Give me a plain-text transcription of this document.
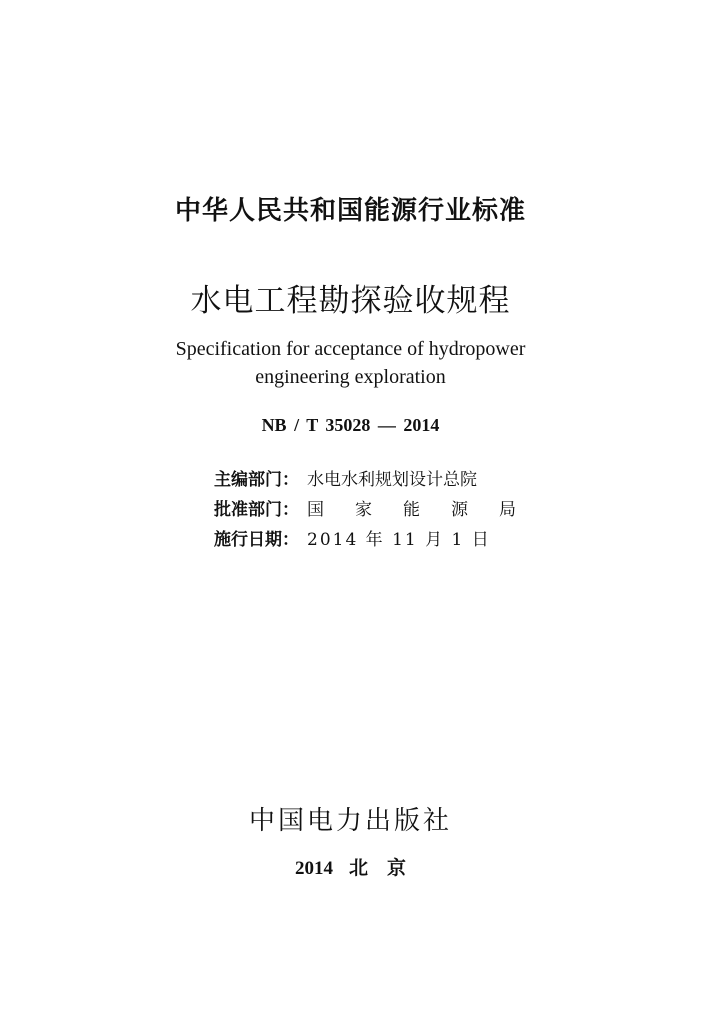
中华人民共和国能源行业标准
水电工程勘探验收规程
Specification for acceptance of hydropower
engineering exploration
NB / T 35028 — 2014
主编部门： 水电水利规划设计总院
批准部门： 国	家	能	源	局
施行日期： 2014 年 11 月 1 日
中国电力出版社
2014 北　京
